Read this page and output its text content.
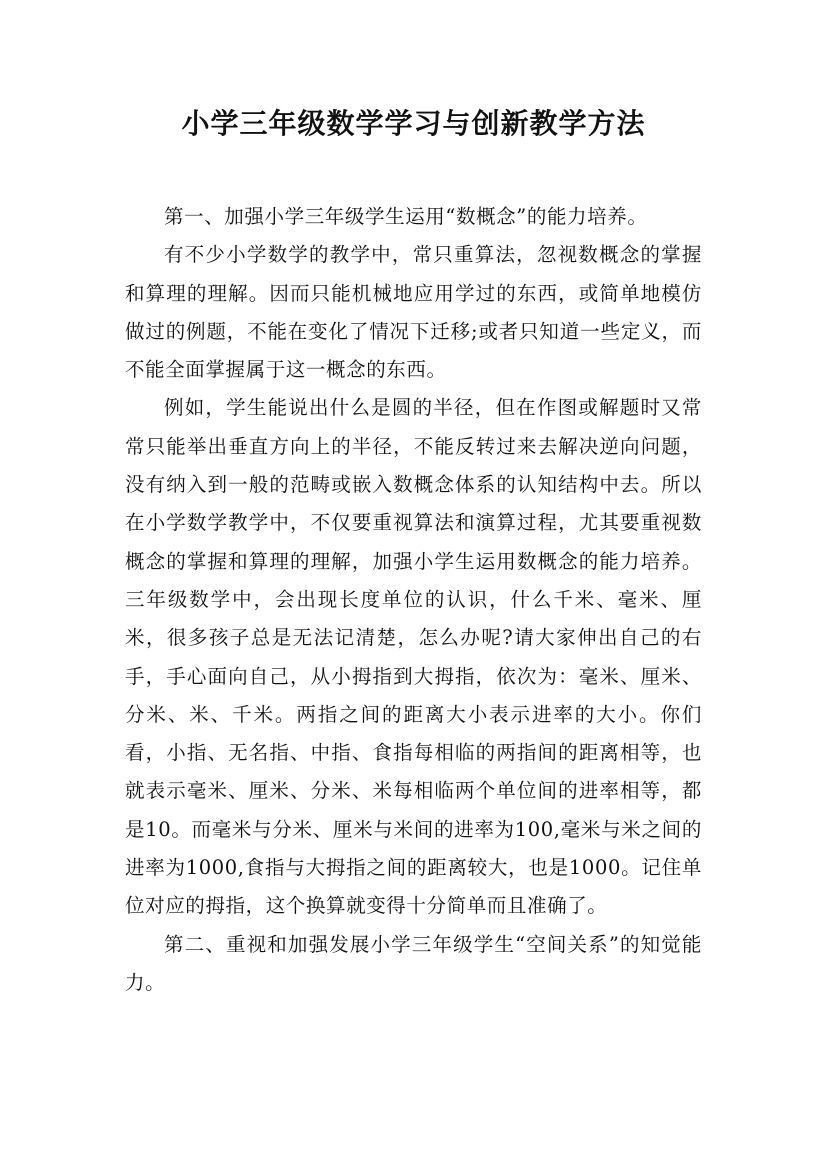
小学三年级数学学习与创新教学方法

第一、加强小学三年级学生运用“数概念”的能力培养。

有不少小学数学的教学中，常只重算法，忽视数概念的掌握和算理的理解。因而只能机械地应用学过的东西，或简单地模仿做过的例题，不能在变化了情况下迁移;或者只知道一些定义，而不能全面掌握属于这一概念的东西。

例如，学生能说出什么是圆的半径，但在作图或解题时又常常只能举出垂直方向上的半径，不能反转过来去解决逆向问题，没有纳入到一般的范畴或嵌入数概念体系的认知结构中去。所以在小学数学教学中，不仅要重视算法和演算过程，尤其要重视数概念的掌握和算理的理解，加强小学生运用数概念的能力培养。三年级数学中，会出现长度单位的认识，什么千米、毫米、厘米，很多孩子总是无法记清楚，怎么办呢?请大家伸出自己的右手，手心面向自己，从小拇指到大拇指，依次为：毫米、厘米、分米、米、千米。两指之间的距离大小表示进率的大小。你们看，小指、无名指、中指、食指每相临的两指间的距离相等，也就表示毫米、厘米、分米、米每相临两个单位间的进率相等，都是10。而毫米与分米、厘米与米间的进率为100,毫米与米之间的进率为1000,食指与大拇指之间的距离较大，也是1000。记住单位对应的拇指，这个换算就变得十分简单而且准确了。

第二、重视和加强发展小学三年级学生“空间关系”的知觉能力。
